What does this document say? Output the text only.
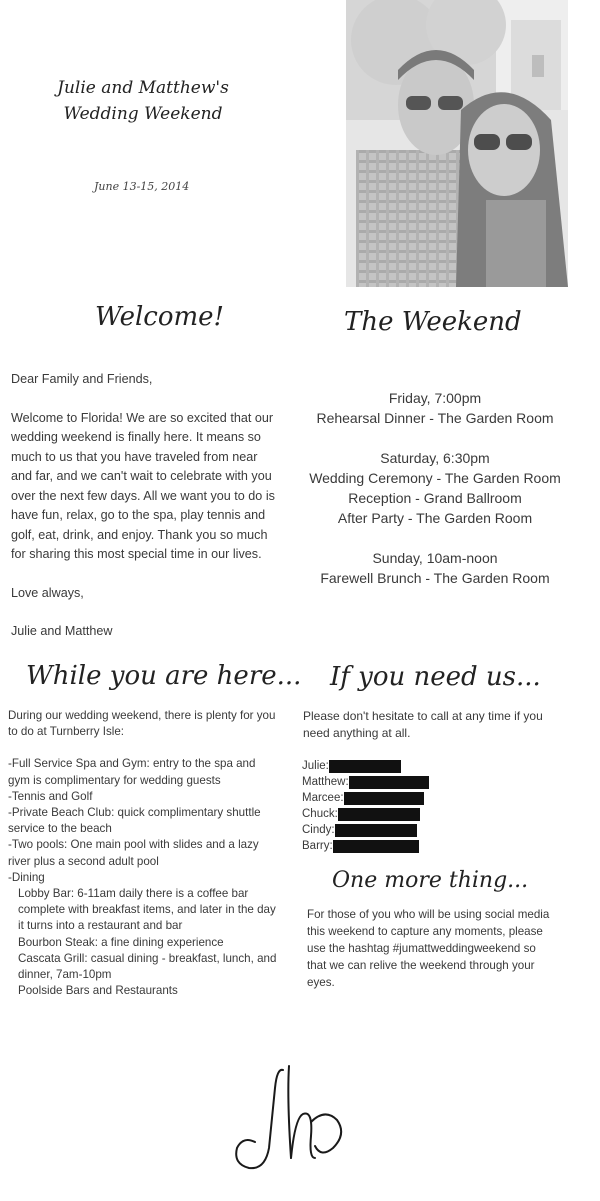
Julie and Matthew's
Wedding Weekend
June 13-15, 2014
Welcome!

Dear Family and Friends,

Welcome to Florida! We are so excited that our wedding weekend is finally here. It means so much to us that you have traveled from near and far, and we can't wait to celebrate with you over the next few days. All we want you to do is have fun, relax, go to the spa, play tennis and golf, eat, drink, and enjoy. Thank you so much for sharing this most special time in our lives.

Love always,

Julie and Matthew

The Weekend
Friday, 7:00pm
Rehearsal Dinner - The Garden Room
Saturday, 6:30pm
Wedding Ceremony - The Garden Room
Reception - Grand Ballroom
After Party - The Garden Room
Sunday, 10am-noon
Farewell Brunch - The Garden Room
While you are here...
During our wedding weekend, there is plenty for you to do at Turnberry Isle:
-Full Service Spa and Gym: entry to the spa and gym is complimentary for wedding guests
-Tennis and Golf
-Private Beach Club: quick complimentary shuttle service to the beach
-Two pools: One main pool with slides and a lazy river plus a second adult pool
-Dining
Lobby Bar: 6-11am daily there is a coffee bar complete with breakfast items, and later in the day it turns into a restaurant and bar
Bourbon Steak: a fine dining experience
Cascata Grill: casual dining - breakfast, lunch, and dinner, 7am-10pm
Poolside Bars and Restaurants
If you need us...
Please don't hesitate to call at any time if you need anything at all.
Julie:
Matthew:
Marcee:
Chuck:
Cindy:
Barry:
One more thing...
For those of you who will be using social media this weekend to capture any moments, please use the hashtag #jumattweddingweekend so that we can relive the weekend through your eyes.
